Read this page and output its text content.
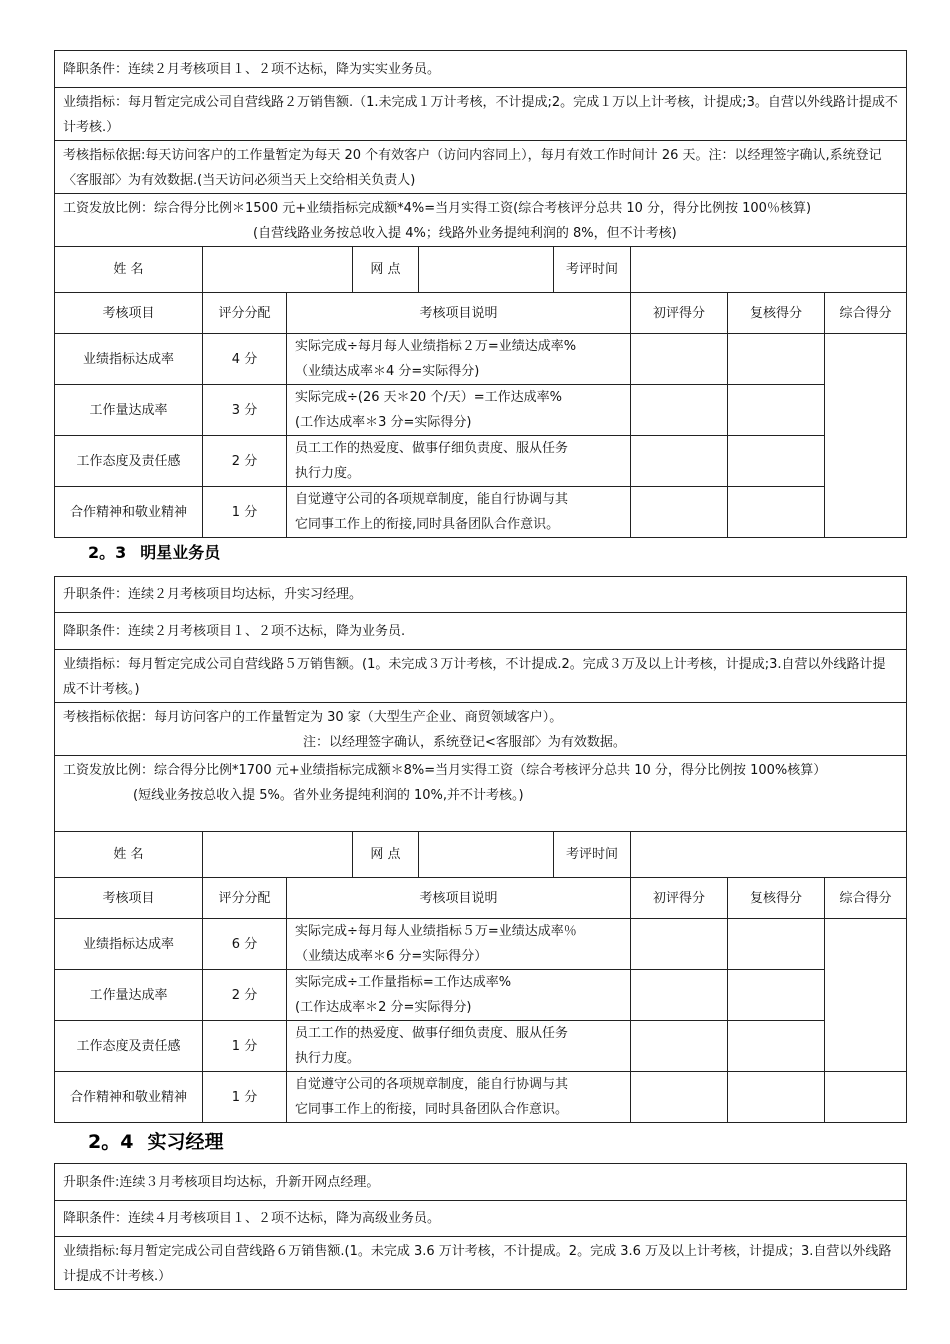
降职条件：连续２月考核项目１、２项不达标，降为实实业务员。								
业绩指标：每月暂定完成公司自营线路２万销售额.（1.未完成１万计考核，不计提成;2。完成１万以上计考核，计提成;3。自营以外线路计提成不计考核.）								
考核指标依据:每天访问客户的工作量暂定为每天 20 个有效客户（访问内容同上），每月有效工作时间计 26 天。注：以经理签字确认,系统登记〈客服部〉为有效数据.(当天访问必须当天上交给相关负责人)								

工资发放比例：综合得分比例＊1500 元+业绩指标完成额*4%=当月实得工资(综合考核评分总共 10 分，得分比例按 100％核算)
(自营线路业务按总收入提 4%；线路外业务提纯利润的 8%，但不计考核)								

姓 名			网 点		考评时间			
考核项目	评分分配	考核项目说明				初评得分	复核得分	综合得分
业绩指标达成率	4 分	实际完成÷每月每人业绩指标２万=业绩达成率%
（业绩达成率＊4 分=实际得分)						

工作量达成率	3 分	实际完成÷(26 天＊20 个/天）=工作达成率%
(工作达成率＊3 分=实际得分)						

工作态度及责任感	2 分	员工工作的热爱度、做事仔细负责度、服从任务
执行力度。						

合作精神和敬业精神	1 分	自觉遵守公司的各项规章制度，能自行协调与其
它同事工作上的衔接,同时具备团队合作意识。						

2。3 明星业务员
升职条件：连续２月考核项目均达标，升实习经理。								
降职条件：连续２月考核项目１、２项不达标，降为业务员.								
业绩指标：每月暂定完成公司自营线路５万销售额。(1。未完成３万计考核，不计提成.2。完成３万及以上计考核，计提成;3.自营以外线路计提成不计考核。)								

考核指标依据：每月访问客户的工作量暂定为 30 家（大型生产企业、商贸领域客户）。
注：以经理签字确认，系统登记<客服部〉为有效数据。								

工资发放比例：综合得分比例*1700 元+业绩指标完成额＊8%=当月实得工资（综合考核评分总共 10 分，得分比例按 100%核算）
(短线业务按总收入提 5%。省外业务提纯利润的 10%,并不计考核。)								

姓 名			网 点		考评时间			
考核项目	评分分配	考核项目说明				初评得分	复核得分	综合得分
业绩指标达成率	6 分	实际完成÷每月每人业绩指标５万=业绩达成率％
（业绩达成率＊6 分=实际得分）						

工作量达成率	2 分	实际完成÷工作量指标=工作达成率%
(工作达成率＊2 分=实际得分)						

工作态度及责任感	1 分	员工工作的热爱度、做事仔细负责度、服从任务
执行力度。						

合作精神和敬业精神	1 分	自觉遵守公司的各项规章制度，能自行协调与其
它同事工作上的衔接，同时具备团队合作意识。						

2。4 实习经理
升职条件:连续３月考核项目均达标，升新开网点经理。
降职条件：连续４月考核项目１、２项不达标，降为高级业务员。
业绩指标:每月暂定完成公司自营线路６万销售额.(1。未完成 3.6 万计考核，不计提成。2。完成 3.6 万及以上计考核，计提成；3.自营以外线路计提成不计考核.）
